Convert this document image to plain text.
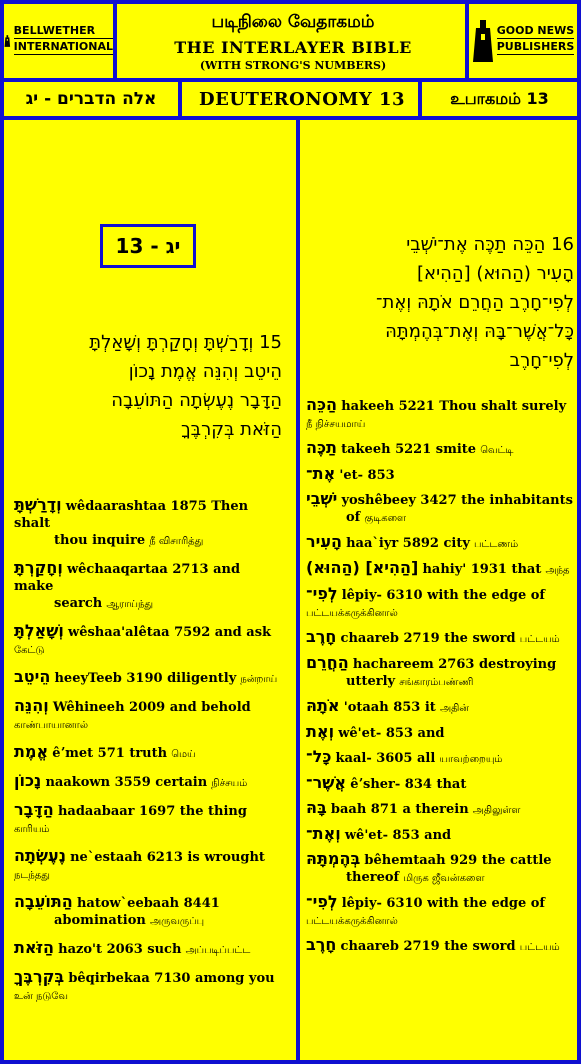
BELLWETHER
INTERNATIONAL
படிநிலை வேதாகமம்
THE INTERLAYER BIBLE
(WITH STRONG'S NUMBERS)
GOOD NEWS
PUBLISHERS
אלה הדברים - יג	DEUTERONOMY 13	உபாகமம் 13
13 - יג
15 וְדָרַשְׁתָּ וְחָקַרְתָּ וְשָׁאַלְתָּ
הֵיטֵב וְהִנֵּה אֱמֶת נָכוֹן
הַדָּבָר נֶעֶשְׂתָה הַתּוֹעֵבָה
הַזֹּאת בְּקִרְבֶּךָ
וְדָרַשְׁתָּ wêdaarashtaa 1875 Then shalt
thou inquire நீ விசாரித்து
וְחָקַרְתָּ wêchaaqartaa 2713 and make
search ஆராய்ந்து
וְשָׁאַלְתָּ wêshaa'alêtaa 7592 and ask கேட்டு
הֵיטֵב heeyTeeb 3190 diligently நன்றாய்
וְהִנֵּה Wêhineeh 2009 and behold காண்பாயானால்
אֱמֶת êʼmet 571 truth மெய்
נָכוֹן naakown 3559 certain நிச்சயம்
הַדָּבָר hadaabaar 1697 the thing காரியம்
נֶעֶשְׂתָה ne`estaah 6213 is wrought நடந்தது
הַתּוֹעֵבָה hatow`eebaah 8441
abomination அருவருப்பு
הַזֹּאת hazo't 2063 such அப்படிப்பட்ட
בְּקִרְבֶּךָ bêqirbekaa 7130 among you உன் நடுவே
16 הַכֵּה תַכֶּה אֶת־יֹשְׁבֵי
הָעִיר (הַהוּא) [הַהִיא]
לְפִי־חָרֶב הַחֲרֵם אֹתָהּ וְאֶת־
כָּל־אֲשֶׁר־בָּהּ וְאֶת־בְּהֶמְתָּהּ
לְפִי־חָרֶב
הַכֵּה hakeeh 5221 Thou shalt surely நீ நிச்சயமாய்
תַכֶּה takeeh 5221 smite வெட்டி
אֶת־ 'et- 853
יֹשְׁבֵי yoshêbeey 3427 the inhabitants
of குடிகளை
הָעִיר haa`iyr 5892 city பட்டணம்
(הַהוּא) [הַהִיא] hahiy' 1931 that அந்த
לְפִי־ lêpiy- 6310 with the edge of பட்டயக்கருக்கினால்
חָרֶב chaareb 2719 the sword பட்டயம்
הַחֲרֵם hachareem 2763 destroying
utterly சங்காரம்பண்ணி
אֹתָהּ 'otaah 853 it அதின்
וְאֶת wê'et- 853 and
כָּל־ kaal- 3605 all யாவற்றையும்
אֲשֶׁר־ êʼsher- 834 that
בָּהּ baah 871 a therein அதிலுள்ள
וְאֶת־ wê'et- 853 and
בְּהֶמְתָּהּ bêhemtaah 929 the cattle
thereof மிருக ஜீவன்களை
לְפִי־ lêpiy- 6310 with the edge of பட்டயக்கருக்கினால்
חָרֶב chaareb 2719 the sword பட்டயம்
